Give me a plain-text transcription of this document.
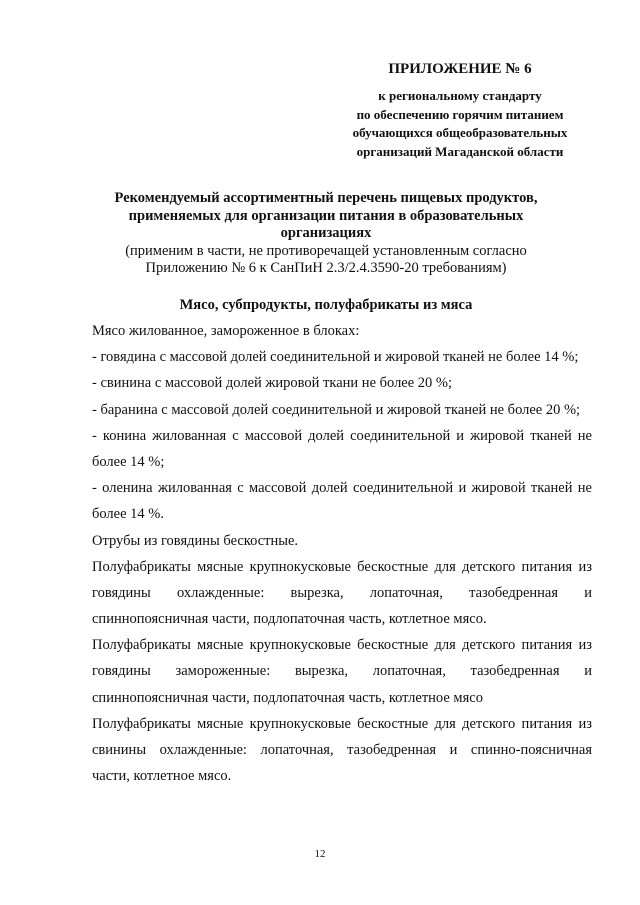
ПРИЛОЖЕНИЕ № 6
к региональному стандарту
по обеспечению горячим питанием
обучающихся общеобразовательных
организаций Магаданской области
Рекомендуемый ассортиментный перечень пищевых продуктов,
применяемых для организации питания в образовательных
организациях
(применим в части, не противоречащей установленным согласно
Приложению № 6 к СанПиН 2.3/2.4.3590-20 требованиям)
Мясо, субпродукты, полуфабрикаты из мяса
Мясо жилованное, замороженное в блоках:
- говядина с массовой долей соединительной и жировой тканей не более 14 %;
- свинина с массовой долей жировой ткани не более 20 %;
- баранина с массовой долей соединительной и жировой тканей не более 20 %;
- конина жилованная с массовой долей соединительной и жировой тканей не
более 14 %;
- оленина жилованная с массовой долей соединительной и жировой тканей не
более 14 %.
Отрубы из говядины бескостные.
Полуфабрикаты мясные крупнокусковые бескостные для детского питания из
говядины охлажденные: вырезка, лопаточная, тазобедренная и
спиннопоясничная части, подлопаточная часть, котлетное мясо.
Полуфабрикаты мясные крупнокусковые бескостные для детского питания из
говядины замороженные: вырезка, лопаточная, тазобедренная и
спиннопоясничная части, подлопаточная часть, котлетное мясо
Полуфабрикаты мясные крупнокусковые бескостные для детского питания из
свинины охлажденные: лопаточная, тазобедренная и спинно-поясничная
части, котлетное мясо.
12
